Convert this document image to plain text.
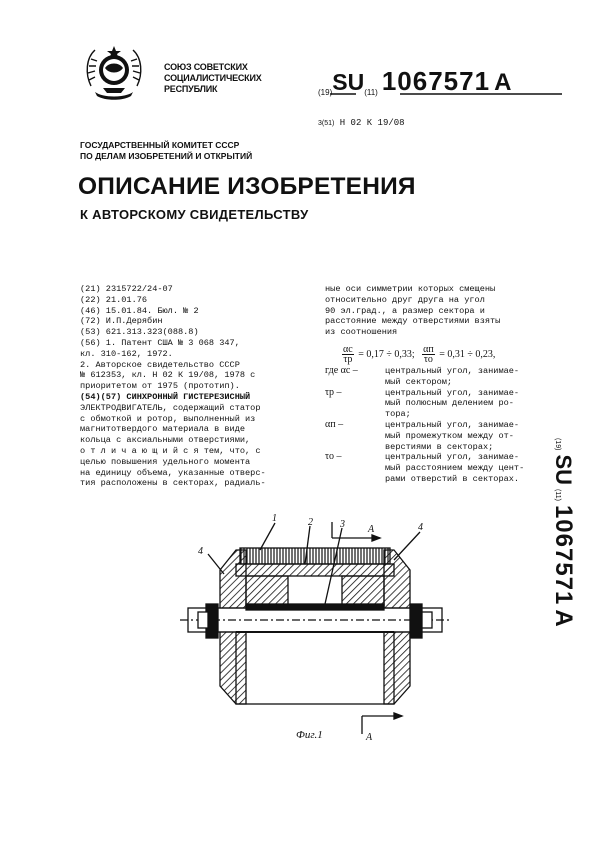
СОЮЗ СОВЕТСКИХ
СОЦИАЛИСТИЧЕСКИХ
РЕСПУБЛИК	(19)SU(11) 1067571 A
3(51) Н 02 К 19/08
ГОСУДАРСТВЕННЫЙ КОМИТЕТ СССР
ПО ДЕЛАМ ИЗОБРЕТЕНИЙ И ОТКРЫТИЙ
ОПИСАНИЕ ИЗОБРЕТЕНИЯ
К АВТОРСКОМУ СВИДЕТЕЛЬСТВУ
(21) 2315722/24-07
(22) 21.01.76
(46) 15.01.84. Бюл. № 2
(72) И.П.Дерябин
(53) 621.313.323(088.8)
(56) 1. Патент США № 3 068 347,
кл. 310-162, 1972.
2. Авторское свидетельство СССР
№ 612353, кл. Н 02 К 19/08, 1978 с
приоритетом от 1975 (прототип).
(54)(57) СИНХРОННЫЙ ГИСТЕРЕЗИСНЫЙ
ЭЛЕКТРОДВИГАТЕЛЬ, содержащий статор
с обмоткой и ротор, выполненный из
магнитотвердого материала в виде
кольца с аксиальными отверстиями,
о т л и ч а ю щ и й с я тем, что, с
целью повышения удельного момента
на единицу объема, указанные отверс-
тия расположены в секторах, радиаль-
ные оси симметрии которых смещены
относительно друг друга на угол
90 эл.град., а размер сектора и
расстояние между отверстиями взяты
из соотношения
αс
τр = 0,17 ÷ 0,33; αп
τо = 0,31 ÷ 0,23,
где αс –	центральный угол, занимае-
мый сектором;
τр –	центральный угол, занимае-
мый полюсным делением ро-
тора;
αп –	центральный угол, занимае-
мый промежутком между от-
верстиями в секторах;
τо –	центральный угол, занимае-
мый расстоянием между цент-
рами отверстий в секторах.
(19) SU (11) 1067571 A
1	2	3	4
4
А
А
Фиг.1
